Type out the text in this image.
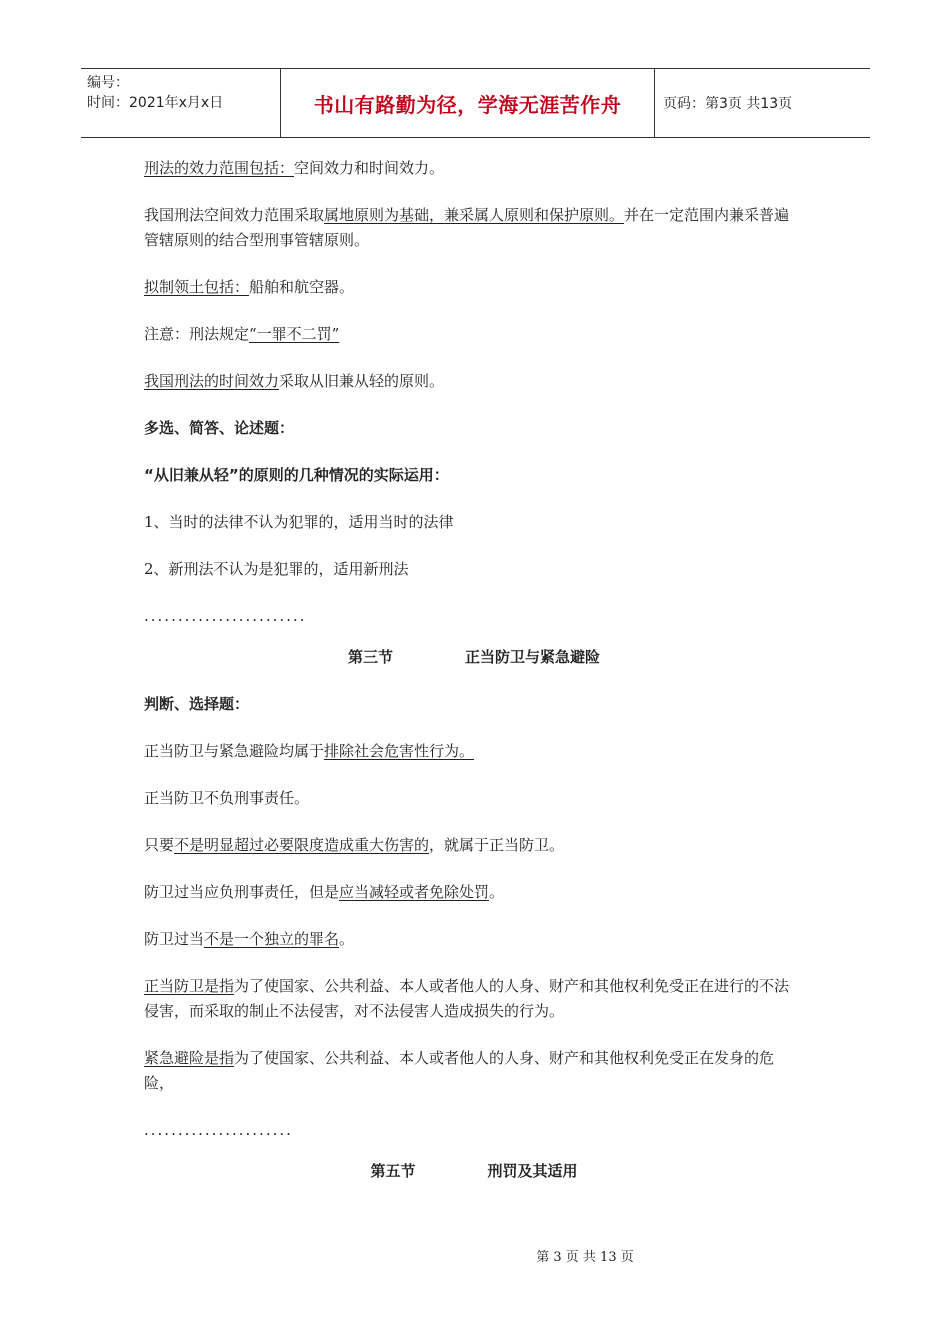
编号：
时间：2021年x月x日	书山有路勤为径，学海无涯苦作舟	页码：第3页 共13页

刑法的效力范围包括：空间效力和时间效力。

我国刑法空间效力范围采取属地原则为基础，兼采属人原则和保护原则。并在一定范围内兼采普遍管辖原则的结合型刑事管辖原则。

拟制领土包括：船舶和航空器。

注意：刑法规定“一罪不二罚”

我国刑法的时间效力采取从旧兼从轻的原则。

多选、简答、论述题：

“从旧兼从轻”的原则的几种情况的实际运用：

1、当时的法律不认为犯罪的，适用当时的法律

2、新刑法不认为是犯罪的，适用新刑法

........................

第三节	正当防卫与紧急避险

判断、选择题：

正当防卫与紧急避险均属于排除社会危害性行为。

正当防卫不负刑事责任。

只要不是明显超过必要限度造成重大伤害的，就属于正当防卫。

防卫过当应负刑事责任，但是应当减轻或者免除处罚。

防卫过当不是一个独立的罪名。

正当防卫是指为了使国家、公共利益、本人或者他人的人身、财产和其他权利免受正在进行的不法侵害，而采取的制止不法侵害，对不法侵害人造成损失的行为。

紧急避险是指为了使国家、公共利益、本人或者他人的人身、财产和其他权利免受正在发身的危险，

......................

第五节	刑罚及其适用

第 3 页 共 13 页
